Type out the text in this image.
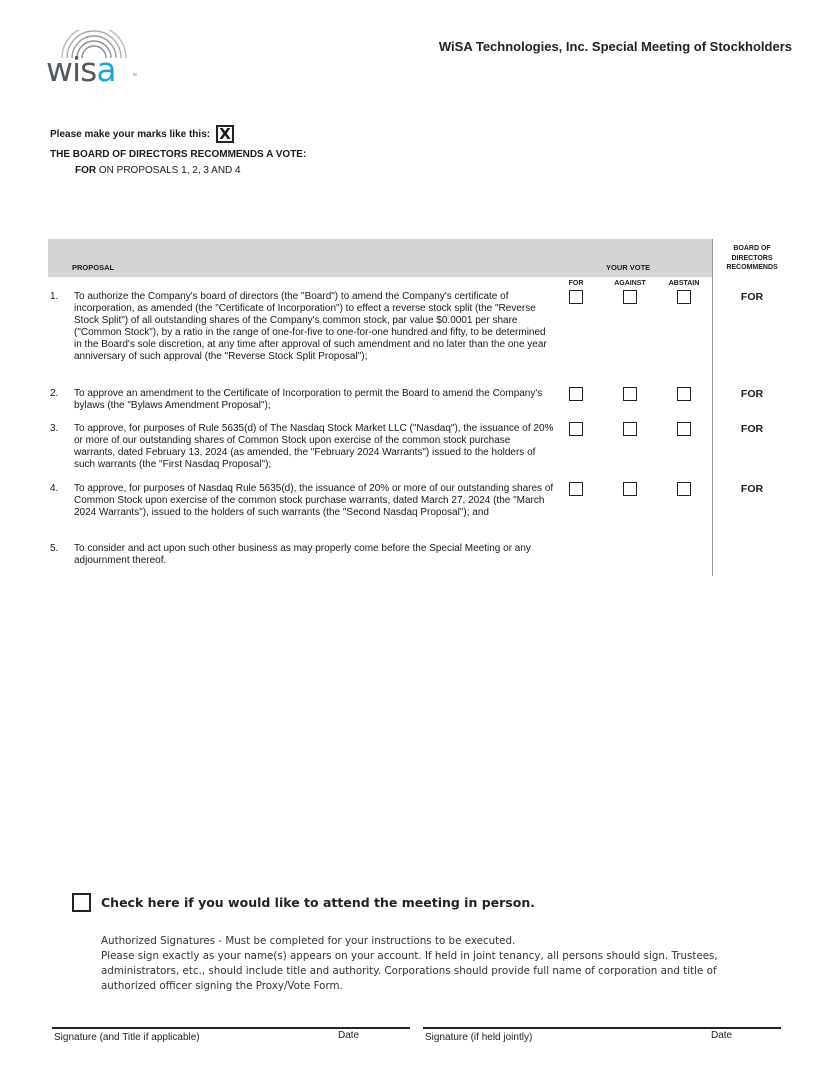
wisa	™
WiSA Technologies, Inc. Special Meeting of Stockholders
Please make your marks like this: X
THE BOARD OF DIRECTORS RECOMMENDS A VOTE:
FOR ON PROPOSALS 1, 2, 3 AND 4
PROPOSAL	YOUR VOTE
BOARD OF DIRECTORS RECOMMENDS
FOR	AGAINST	ABSTAIN
1. To authorize the Company's board of directors (the "Board") to amend the Company's certificate of incorporation, as amended (the "Certificate of Incorporation") to effect a reverse stock split (the "Reverse Stock Split") of all outstanding shares of the Company's common stock, par value $0.0001 per share ("Common Stock"), by a ratio in the range of one-for-five to one-for-one hundred and fifty, to be determined in the Board's sole discretion, at any time after approval of such amendment and no later than the one year anniversary of such approval (the "Reverse Stock Split Proposal");
FOR
2. To approve an amendment to the Certificate of Incorporation to permit the Board to amend the Company's bylaws (the "Bylaws Amendment Proposal");
FOR
3. To approve, for purposes of Rule 5635(d) of The Nasdaq Stock Market LLC ("Nasdaq"), the issuance of 20% or more of our outstanding shares of Common Stock upon exercise of the common stock purchase warrants, dated February 13, 2024 (as amended, the "February 2024 Warrants") issued to the holders of such warrants (the "First Nasdaq Proposal");
FOR
4. To approve, for purposes of Nasdaq Rule 5635(d), the issuance of 20% or more of our outstanding shares of Common Stock upon exercise of the common stock purchase warrants, dated March 27, 2024 (the "March 2024 Warrants"), issued to the holders of such warrants (the "Second Nasdaq Proposal"); and
FOR
5. To consider and act upon such other business as may properly come before the Special Meeting or any adjournment thereof.
Check here if you would like to attend the meeting in person.
Authorized Signatures - Must be completed for your instructions to be executed.
Please sign exactly as your name(s) appears on your account. If held in joint tenancy, all persons should sign. Trustees, administrators, etc., should include title and authority. Corporations should provide full name of corporation and title of authorized officer signing the Proxy/Vote Form.
Signature (and Title if applicable)	Date	Signature (if held jointly)	Date
